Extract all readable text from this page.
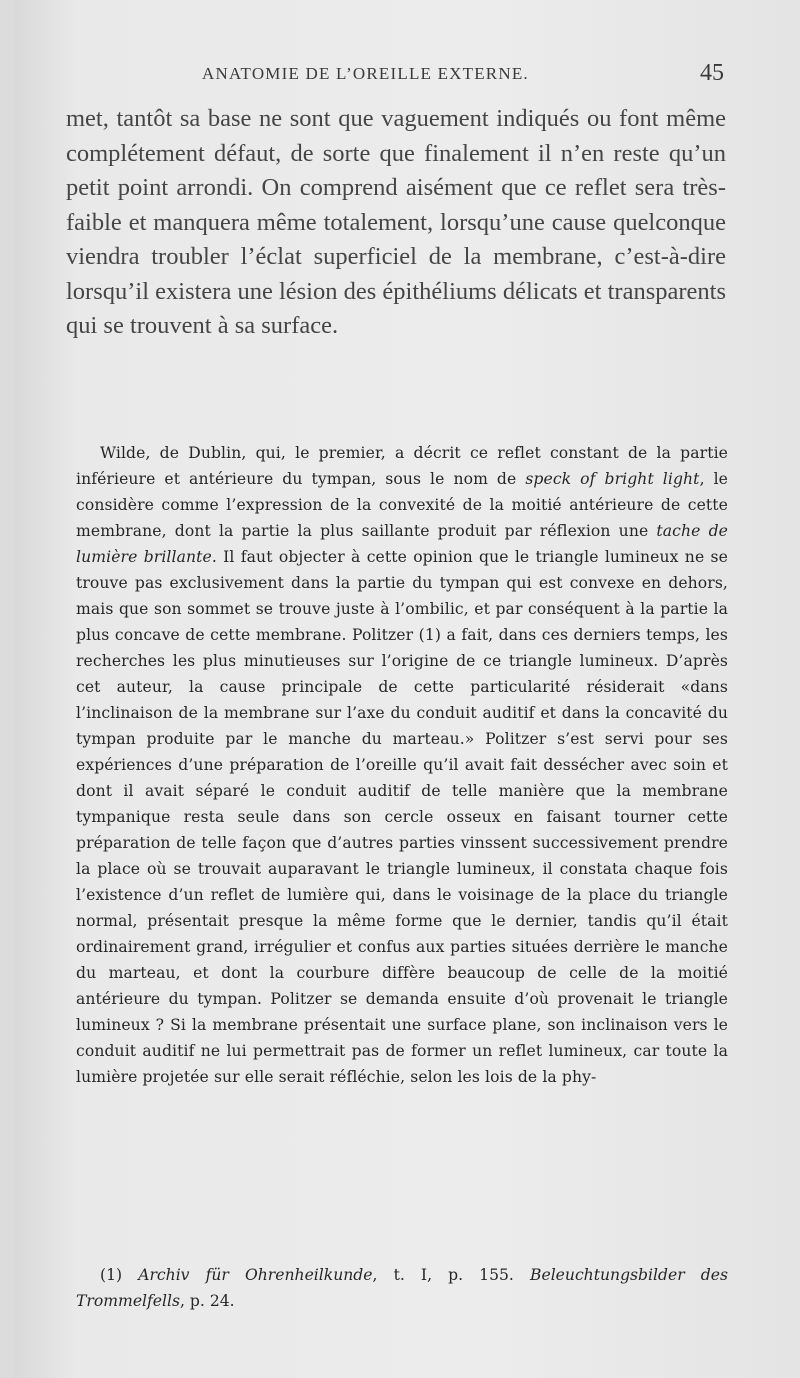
ANATOMIE DE L’OREILLE EXTERNE.	45

met, tantôt sa base ne sont que vaguement indiqués ou font même complétement défaut, de sorte que finalement il n’en reste qu’un petit point arrondi. On comprend aisément que ce reflet sera très-faible et manquera même totalement, lorsqu’une cause quelconque viendra troubler l’éclat superficiel de la membrane, c’est-à-dire lorsqu’il existera une lésion des épithéliums délicats et transparents qui se trouvent à sa surface.

Wilde, de Dublin, qui, le premier, a décrit ce reflet constant de la partie inférieure et antérieure du tympan, sous le nom de speck of bright light, le considère comme l’expression de la convexité de la moitié antérieure de cette membrane, dont la partie la plus saillante produit par réflexion une tache de lumière brillante. Il faut objecter à cette opinion que le triangle lumineux ne se trouve pas exclusivement dans la partie du tympan qui est convexe en dehors, mais que son sommet se trouve juste à l’ombilic, et par conséquent à la partie la plus concave de cette membrane. Politzer (1) a fait, dans ces derniers temps, les recherches les plus minutieuses sur l’origine de ce triangle lumineux. D’après cet auteur, la cause principale de cette particularité résiderait «dans l’inclinaison de la membrane sur l’axe du conduit auditif et dans la concavité du tympan produite par le manche du marteau.» Politzer s’est servi pour ses expériences d’une préparation de l’oreille qu’il avait fait dessécher avec soin et dont il avait séparé le conduit auditif de telle manière que la membrane tympanique resta seule dans son cercle osseux en faisant tourner cette préparation de telle façon que d’autres parties vinssent successivement prendre la place où se trouvait auparavant le triangle lumineux, il constata chaque fois l’existence d’un reflet de lumière qui, dans le voisinage de la place du triangle normal, présentait presque la même forme que le dernier, tandis qu’il était ordinairement grand, irrégulier et confus aux parties situées derrière le manche du marteau, et dont la courbure diffère beaucoup de celle de la moitié antérieure du tympan. Politzer se demanda ensuite d’où provenait le triangle lumineux ? Si la membrane présentait une surface plane, son inclinaison vers le conduit auditif ne lui permettrait pas de former un reflet lumineux, car toute la lumière projetée sur elle serait réfléchie, selon les lois de la phy-

(1) Archiv für Ohrenheilkunde, t. I, p. 155. Beleuchtungsbilder des Trommelfells, p. 24.
